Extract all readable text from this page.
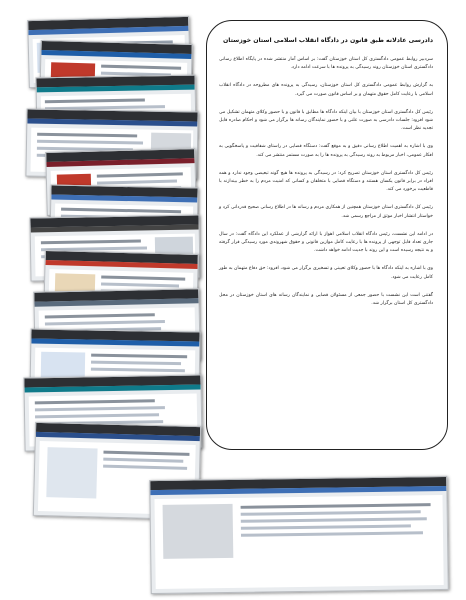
دادرسی عادلانه طبق قانون در دادگاه انقلاب اسلامی استان خوزستان

سردبیر روابط عمومی دادگستری کل استان خوزستان گفت: بر اساس آمار منتشر شده در پایگاه اطلاع رسانی دادگستری استان خوزستان روند رسیدگی به پرونده ها با سرعت ادامه دارد.

به گزارش روابط عمومی دادگستری کل استان خوزستان، رسیدگی به پرونده های مطروحه در دادگاه انقلاب اسلامی با رعایت کامل حقوق متهمان و بر اساس قانون صورت می گیرد.

رئیس کل دادگستری استان خوزستان با بیان اینکه دادگاه ها مطابق با قانون و با حضور وکلای متهمان تشکیل می شود افزود: جلسات دادرسی به صورت علنی و با حضور نمایندگان رسانه ها برگزار می شود و احکام صادره قابل تجدید نظر است.

وی با اشاره به اهمیت اطلاع رسانی دقیق و به موقع گفت: دستگاه قضایی در راستای شفافیت و پاسخگویی به افکار عمومی، اخبار مربوط به روند رسیدگی به پرونده ها را به صورت مستمر منتشر می کند.

رئیس کل دادگستری استان خوزستان تصریح کرد: در رسیدگی به پرونده ها هیچ گونه تبعیضی وجود ندارد و همه افراد در برابر قانون یکسان هستند و دستگاه قضایی با متخلفان و کسانی که امنیت مردم را به خطر بیندازند با قاطعیت برخورد می کند.

رئیس کل دادگستری استان خوزستان همچنین از همکاری مردم و رسانه ها در اطلاع رسانی صحیح قدردانی کرد و خواستار انتشار اخبار موثق از مراجع رسمی شد.

در ادامه این نشست، رئیس دادگاه انقلاب اسلامی اهواز با ارائه گزارشی از عملکرد این دادگاه گفت: در سال جاری تعداد قابل توجهی از پرونده ها با رعایت کامل موازین قانونی و حقوق شهروندی مورد رسیدگی قرار گرفته و به نتیجه رسیده است و این روند با جدیت ادامه خواهد داشت.

وی با اشاره به اینکه دادگاه ها با حضور وکلای تعیینی و تسخیری برگزار می شود، افزود: حق دفاع متهمان به طور کامل رعایت می شود.

گفتنی است این نشست با حضور جمعی از مسئولان قضایی و نمایندگان رسانه های استان خوزستان در محل دادگستری کل استان برگزار شد.
